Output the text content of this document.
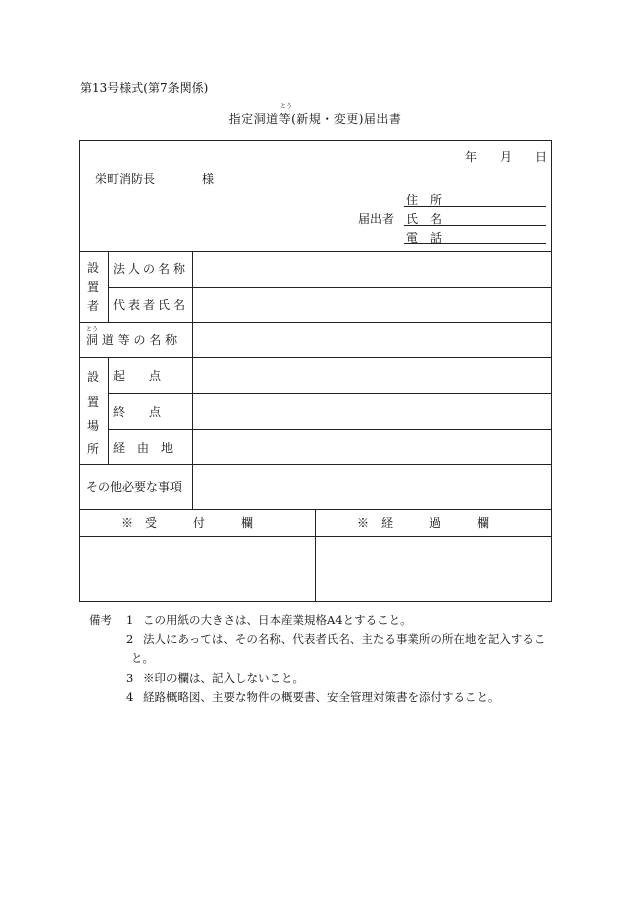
第13号様式(第7条関係)
とう
指定洞道等(新規・変更)届出書
年 月 日
栄町消防長	様
届出者
住　所
氏　名
電　話
設
置
者
法人の名称
代表者氏名
とう
洞 道 等 の 名 称
設
置
場
所
起　　点
終　　点
経　由　地
その他必要な事項
※　受　　　付　　　欄	※　経　　　過　　　欄
備考 1 この用紙の大きさは、日本産業規格A4とすること。
2 法人にあっては、その名称、代表者氏名、主たる事業所の所在地を記入するこ
と。
3 ※印の欄は、記入しないこと。
4 経路概略図、主要な物件の概要書、安全管理対策書を添付すること。
